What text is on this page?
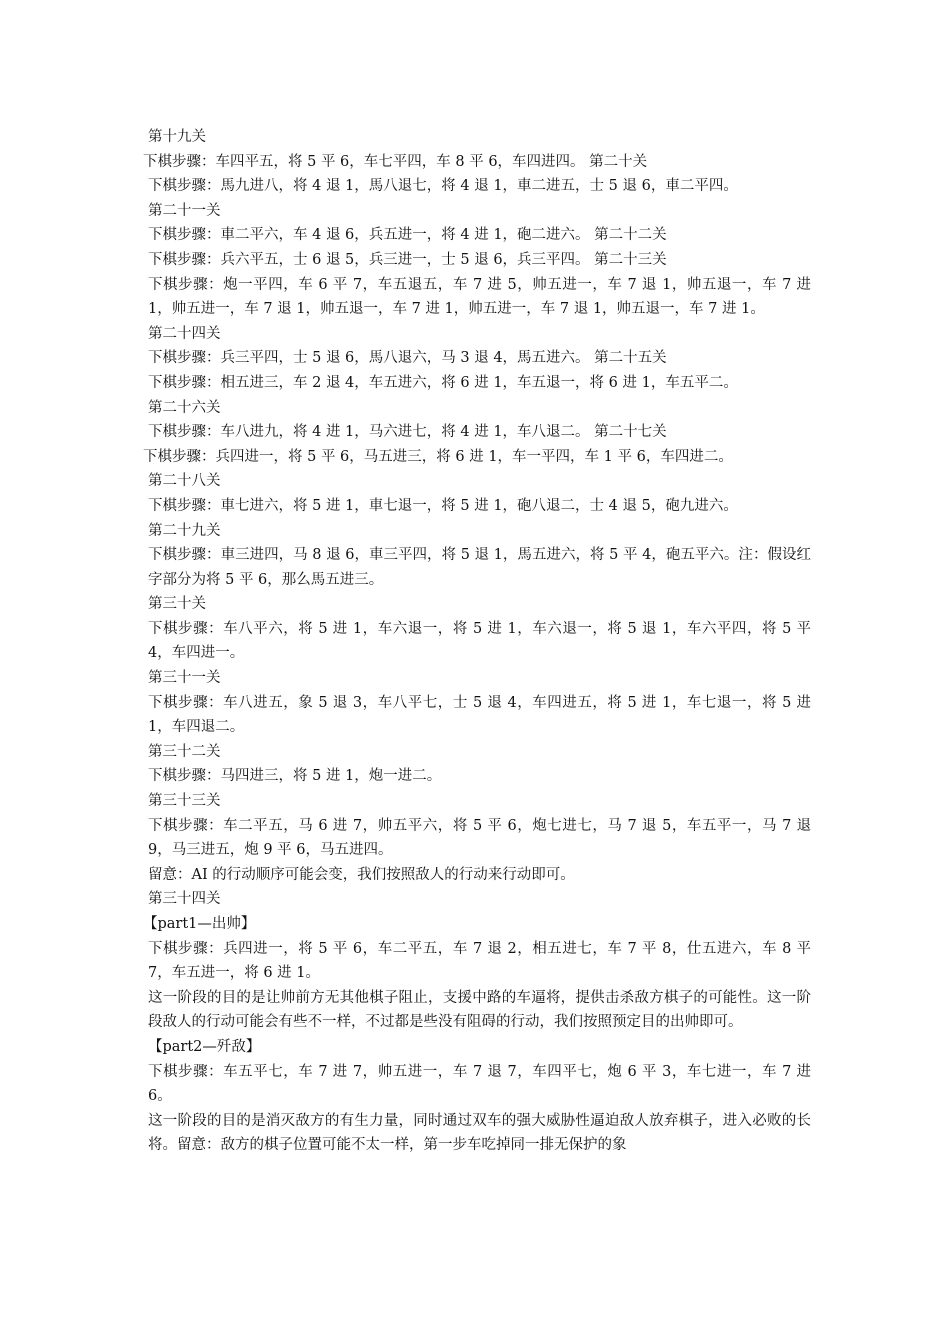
第十九关

下棋步骤：车四平五，将 5 平 6，车七平四，车 8 平 6，车四进四。 第二十关

下棋步骤：馬九进八，将 4 退 1，馬八退七，将 4 退 1，車二进五，士 5 退 6，車二平四。

第二十一关

下棋步骤：車二平六，车 4 退 6，兵五进一，将 4 进 1，砲二进六。 第二十二关

下棋步骤：兵六平五，士 6 退 5，兵三进一，士 5 退 6，兵三平四。 第二十三关

下棋步骤：炮一平四，车 6 平 7，车五退五，车 7 进 5，帅五进一，车 7 退 1，帅五退一，车 7 进 1，帅五进一，车 7 退 1，帅五退一，车 7 进 1，帅五进一，车 7 退 1，帅五退一，车 7 进 1。

第二十四关

下棋步骤：兵三平四，士 5 退 6，馬八退六，马 3 退 4，馬五进六。 第二十五关

下棋步骤：相五进三，车 2 退 4，车五进六，将 6 进 1，车五退一，将 6 进 1，车五平二。

第二十六关

下棋步骤：车八进九，将 4 进 1，马六进七，将 4 进 1，车八退二。 第二十七关

下棋步骤：兵四进一，将 5 平 6，马五进三，将 6 进 1，车一平四，车 1 平 6，车四进二。

第二十八关

下棋步骤：車七进六，将 5 进 1，車七退一，将 5 进 1，砲八退二，士 4 退 5，砲九进六。

第二十九关

下棋步骤：車三进四，马 8 退 6，車三平四，将 5 退 1，馬五进六，将 5 平 4，砲五平六。注：假设红字部分为将 5 平 6，那么馬五进三。

第三十关

下棋步骤：车八平六，将 5 进 1，车六退一，将 5 进 1，车六退一，将 5 退 1，车六平四，将 5 平 4，车四进一。

第三十一关

下棋步骤：车八进五，象 5 退 3，车八平七，士 5 退 4，车四进五，将 5 进 1，车七退一，将 5 进 1，车四退二。

第三十二关

下棋步骤：马四进三，将 5 进 1，炮一进二。

第三十三关

下棋步骤：车二平五，马 6 进 7，帅五平六，将 5 平 6，炮七进七，马 7 退 5，车五平一，马 7 退 9，马三进五，炮 9 平 6，马五进四。

留意：AI 的行动顺序可能会变，我们按照敌人的行动来行动即可。

第三十四关

【part1—出帅】

下棋步骤：兵四进一，将 5 平 6，车二平五，车 7 退 2，相五进七，车 7 平 8，仕五进六，车 8 平 7，车五进一，将 6 进 1。

这一阶段的目的是让帅前方无其他棋子阻止，支援中路的车逼将，提供击杀敌方棋子的可能性。这一阶段敌人的行动可能会有些不一样，不过都是些没有阻碍的行动，我们按照预定目的出帅即可。

【part2—歼敌】

下棋步骤：车五平七，车 7 进 7，帅五进一，车 7 退 7，车四平七，炮 6 平 3，车七进一，车 7 进 6。

这一阶段的目的是消灭敌方的有生力量，同时通过双车的强大威胁性逼迫敌人放弃棋子，进入必败的长将。留意：敌方的棋子位置可能不太一样，第一步车吃掉同一排无保护的象
